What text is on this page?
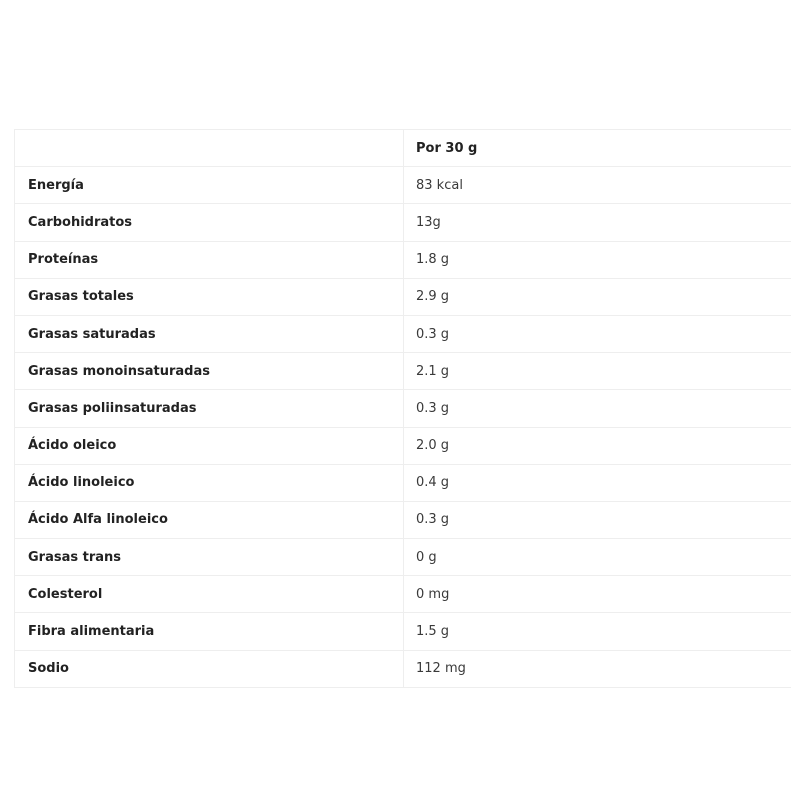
	Por 30 g
Energía	83 kcal
Carbohidratos	13g
Proteínas	1.8 g
Grasas totales	2.9 g
Grasas saturadas	0.3 g
Grasas monoinsaturadas	2.1 g
Grasas poliinsaturadas	0.3 g
Ácido oleico	2.0 g
Ácido linoleico	0.4 g
Ácido Alfa linoleico	0.3 g
Grasas trans	0 g
Colesterol	0 mg
Fibra alimentaria	1.5 g
Sodio	112 mg
